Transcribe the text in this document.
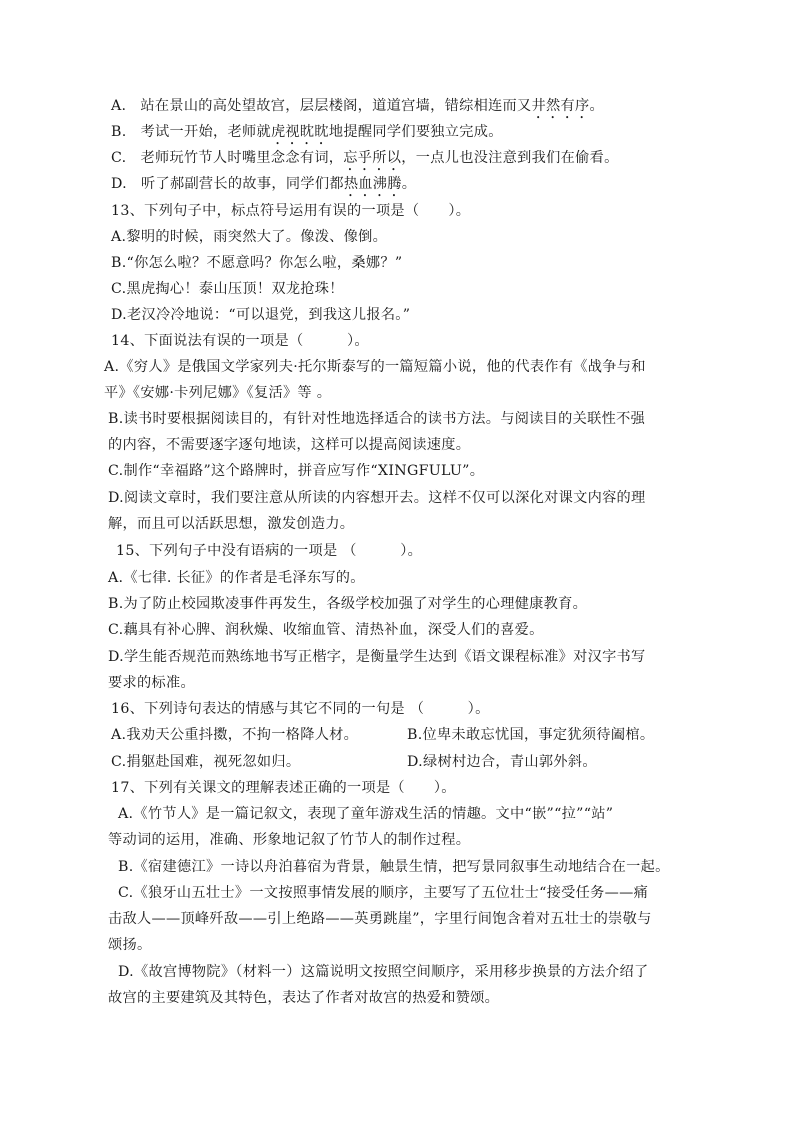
A. 站在景山的高处望故宫，层层楼阁，道道宫墙，错综相连而又井然有序。
B. 考试一开始，老师就虎视眈眈地提醒同学们要独立完成。
C. 老师玩竹节人时嘴里念念有词，忘乎所以，一点儿也没注意到我们在偷看。
D. 听了郝副营长的故事，同学们都热血沸腾。
13、下列句子中，标点符号运用有误的一项是（　　）。
A.黎明的时候，雨突然大了。像泼、像倒。
B.“你怎么啦？不愿意吗？你怎么啦，桑娜？”
C.黑虎掏心！泰山压顶！双龙抢珠！
D.老汉冷冷地说：“可以退党，到我这儿报名。”
14、下面说法有误的一项是（　　　）。
A.《穷人》是俄国文学家列夫·托尔斯泰写的一篇短篇小说，他的代表作有《战争与和
平》《安娜·卡列尼娜》《复活》等 。
B.读书时要根据阅读目的，有针对性地选择适合的读书方法。与阅读目的关联性不强
的内容，不需要逐字逐句地读，这样可以提高阅读速度。
C.制作“幸福路”这个路牌时，拼音应写作“XINGFULU”。
D.阅读文章时，我们要注意从所读的内容想开去。这样不仅可以深化对课文内容的理
解，而且可以活跃思想，激发创造力。
15、下列句子中没有语病的一项是 （　　　）。
A.《七律. 长征》的作者是毛泽东写的。
B.为了防止校园欺凌事件再发生，各级学校加强了对学生的心理健康教育。
C.藕具有补心脾、润秋燥、收缩血管、清热补血，深受人们的喜爱。
D.学生能否规范而熟练地书写正楷字，是衡量学生达到《语文课程标准》对汉字书写
要求的标准。
16、下列诗句表达的情感与其它不同的一句是 （　　　）。
A.我劝天公重抖擞，不拘一格降人材。	B.位卑未敢忘忧国，事定犹须待阖棺。
C.捐躯赴国难，视死忽如归。	D.绿树村边合，青山郭外斜。
17、下列有关课文的理解表述正确的一项是（　　）。
A.《竹节人》是一篇记叙文，表现了童年游戏生活的情趣。文中“嵌”“拉”“站”
等动词的运用，准确、形象地记叙了竹节人的制作过程。
B.《宿建德江》一诗以舟泊暮宿为背景，触景生情，把写景同叙事生动地结合在一起。
C.《狼牙山五壮士》一文按照事情发展的顺序，主要写了五位壮士“接受任务——痛
击敌人——顶峰歼敌——引上绝路——英勇跳崖”，字里行间饱含着对五壮士的崇敬与
颂扬。
D.《故宫博物院》（材料一）这篇说明文按照空间顺序，采用移步换景的方法介绍了
故宫的主要建筑及其特色，表达了作者对故宫的热爱和赞颂。
